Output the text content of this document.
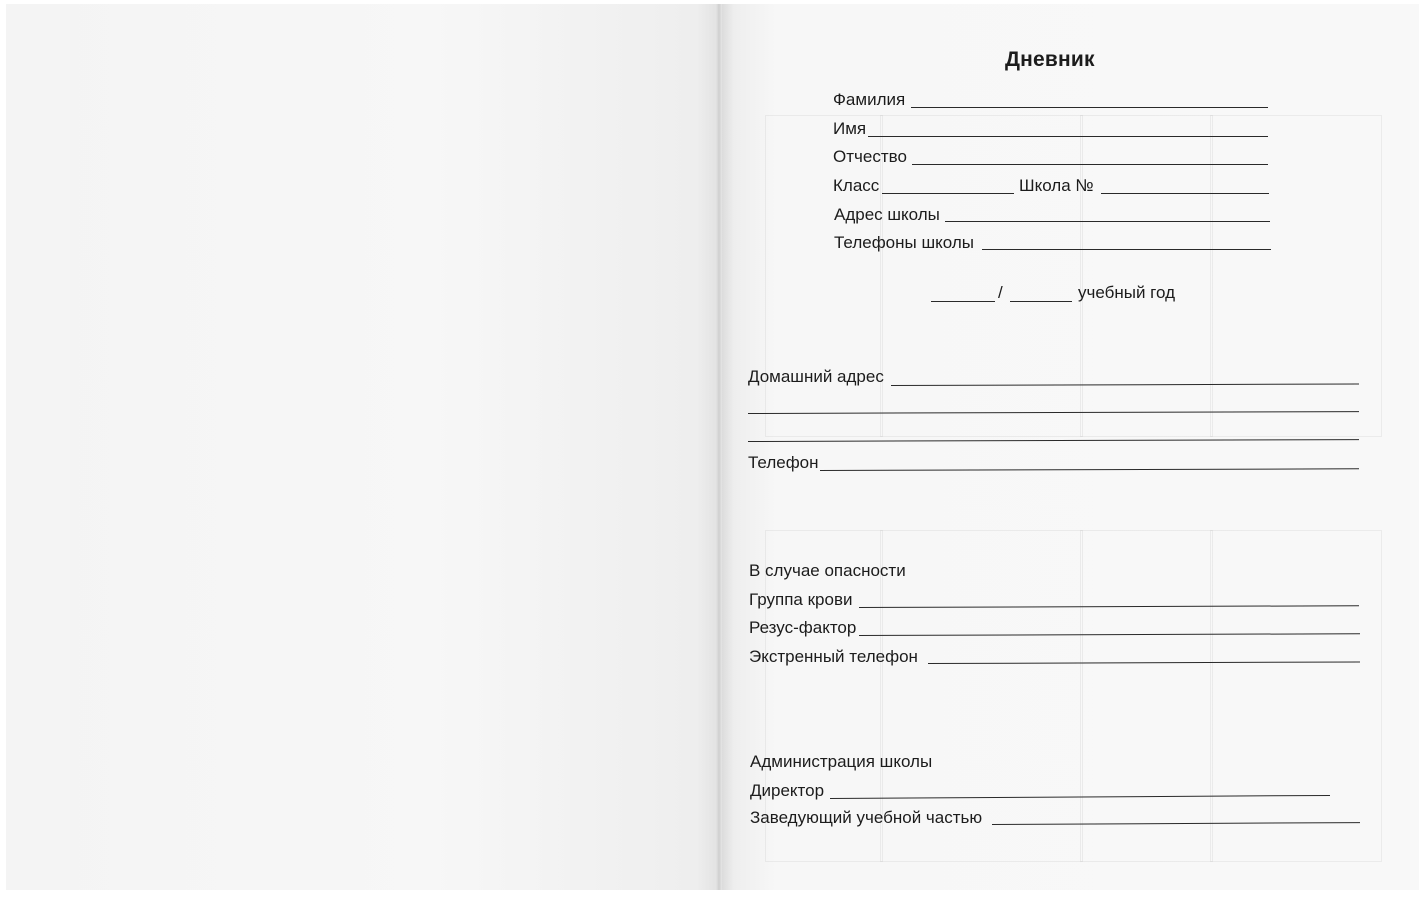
Дневник
Фамилия
Имя
Отчество
Класс	Школа №
Адрес школы
Телефоны школы
/	учебный год
Домашний адрес
Телефон
В случае опасности
Группа крови
Резус-фактор
Экстренный телефон
Администрация школы
Директор
Заведующий учебной частью
